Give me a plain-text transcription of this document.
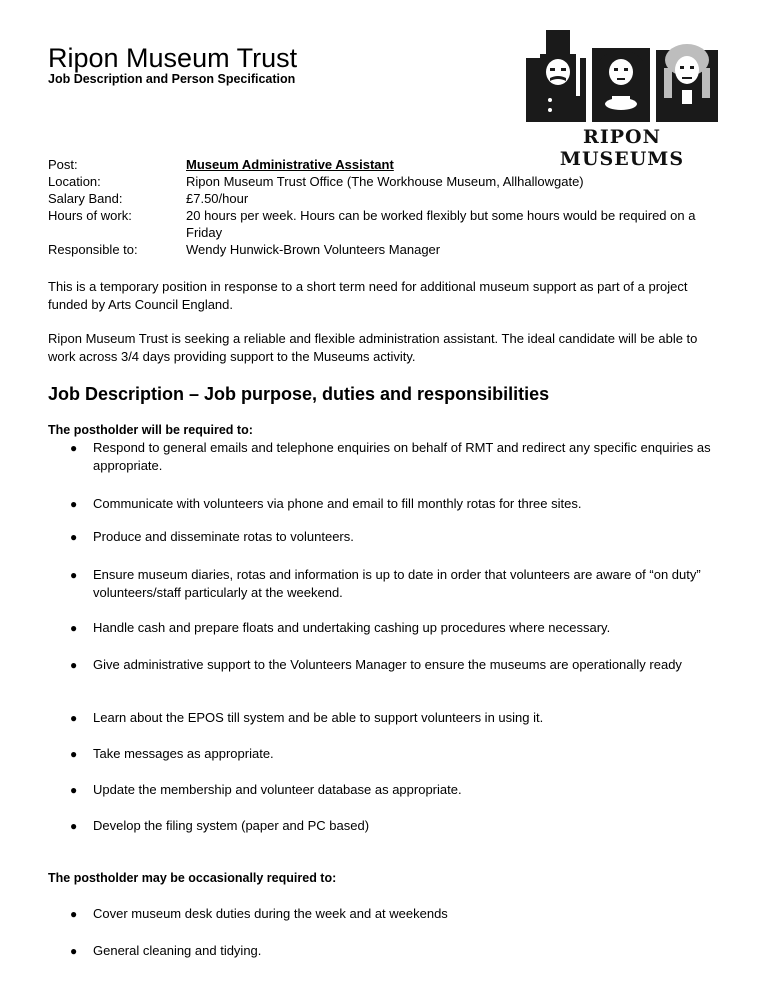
Ripon Museum Trust
Job Description and Person Specification
RIPON MUSEUMS
Post:	Museum Administrative Assistant
Location:	Ripon Museum Trust Office (The Workhouse Museum, Allhallowgate)
Salary Band:	£7.50/hour
Hours of work:	20 hours per week. Hours can be worked flexibly but some hours would be required on a Friday
Responsible to:	Wendy Hunwick-Brown Volunteers Manager
This is a temporary position in response to a short term need for additional museum support as part of a project funded by Arts Council England.
Ripon Museum Trust is seeking a reliable and flexible administration assistant. The ideal candidate will be able to work across 3/4 days providing support to the Museums activity.
Job Description – Job purpose, duties and responsibilities
The postholder will be required to:
●	Respond to general emails and telephone enquiries on behalf of RMT and redirect any specific enquiries as appropriate.
●	Communicate with volunteers via phone and email to fill monthly rotas for three sites.
●	Produce and disseminate rotas to volunteers.
●	Ensure museum diaries, rotas and information is up to date in order that volunteers are aware of “on duty” volunteers/staff particularly at the weekend.
●	Handle cash and prepare floats and undertaking cashing up procedures where necessary.
●	Give administrative support to the Volunteers Manager to ensure the museums are operationally ready
●	Learn about the EPOS till system and be able to support volunteers in using it.
●	Take messages as appropriate.
●	Update the membership and volunteer database as appropriate.
●	Develop the filing system (paper and PC based)
The postholder may be occasionally required to:
●	Cover museum desk duties during the week and at weekends
●	General cleaning and tidying.
